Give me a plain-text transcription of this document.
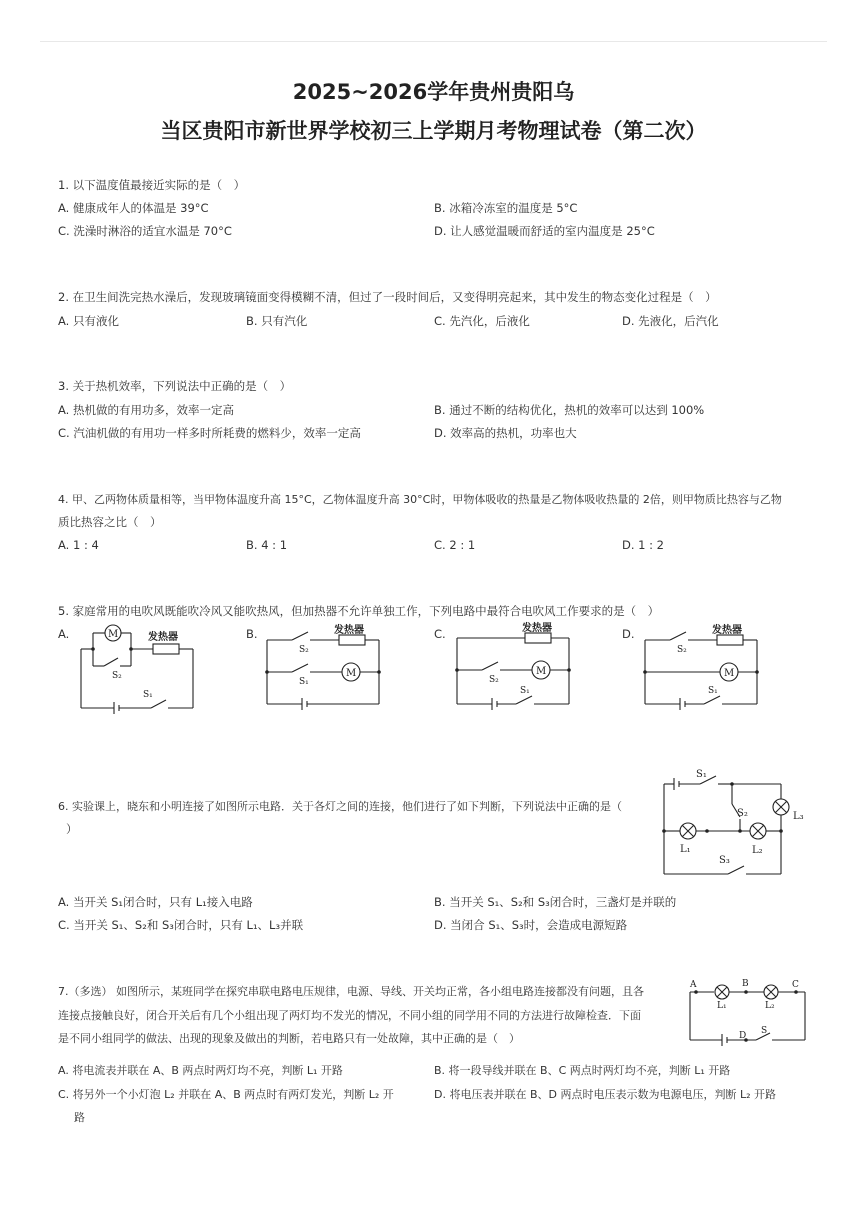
2025~2026学年贵州贵阳乌
当区贵阳市新世界学校初三上学期月考物理试卷（第二次）
1. 以下温度值最接近实际的是（　）
A. 健康成年人的体温是 39°C	B. 冰箱冷冻室的温度是 5°C
C. 洗澡时淋浴的适宜水温是 70°C	D. 让人感觉温暖而舒适的室内温度是 25°C
2. 在卫生间洗完热水澡后，发现玻璃镜面变得模糊不清，但过了一段时间后，又变得明亮起来，其中发生的物态变化过程是（　）
A. 只有液化	B. 只有汽化	C. 先汽化，后液化	D. 先液化，后汽化
3. 关于热机效率，下列说法中正确的是（　）
A. 热机做的有用功多，效率一定高	B. 通过不断的结构优化，热机的效率可以达到 100%
C. 汽油机做的有用功一样多时所耗费的燃料少，效率一定高	D. 效率高的热机，功率也大
4. 甲、乙两物体质量相等，当甲物体温度升高 15°C，乙物体温度升高 30°C时，甲物体吸收的热量是乙物体吸收热量的 2倍，则甲物质比热容与乙物
质比热容之比（　）
A. 1 : 4	B. 4 : 1	C. 2 : 1	D. 1 : 2
5. 家庭常用的电吹风既能吹冷风又能吹热风，但加热器不允许单独工作，下列电路中最符合电吹风工作要求的是（　）
A.	B.	C.	D.
M
S₂
发热器
S₁
S₂
发热器
S₁
M
发热器
S₂
M
S₁
S₂
发热器
M
S₁
6. 实验课上，晓东和小明连接了如图所示电路．关于各灯之间的连接，他们进行了如下判断，下列说法中正确的是（
）
S₁
L₃
S₂
L₁	L₂
S₃
A. 当开关 S₁闭合时，只有 L₁接入电路	B. 当开关 S₁、S₂和 S₃闭合时，三盏灯是并联的
C. 当开关 S₁、S₂和 S₃闭合时，只有 L₁、L₃并联	D. 当闭合 S₁、S₃时，会造成电源短路
7.（多选） 如图所示，某班同学在探究串联电路电压规律，电源、导线、开关均正常，各小组电路连接都没有问题，且各
连接点接触良好，闭合开关后有几个小组出现了两灯均不发光的情况，不同小组的同学用不同的方法进行故障检查．下面
是不同小组同学的做法、出现的现象及做出的判断，若电路只有一处故障，其中正确的是（　）
L₁	L₂
A	B	C
D S
A. 将电流表并联在 A、B 两点时两灯均不亮，判断 L₁ 开路	B. 将一段导线并联在 B、C 两点时两灯均不亮，判断 L₁ 开路
C. 将另外一个小灯泡 L₂ 并联在 A、B 两点时有两灯发光，判断 L₂ 开
路
D. 将电压表并联在 B、D 两点时电压表示数为电源电压，判断 L₂ 开路
